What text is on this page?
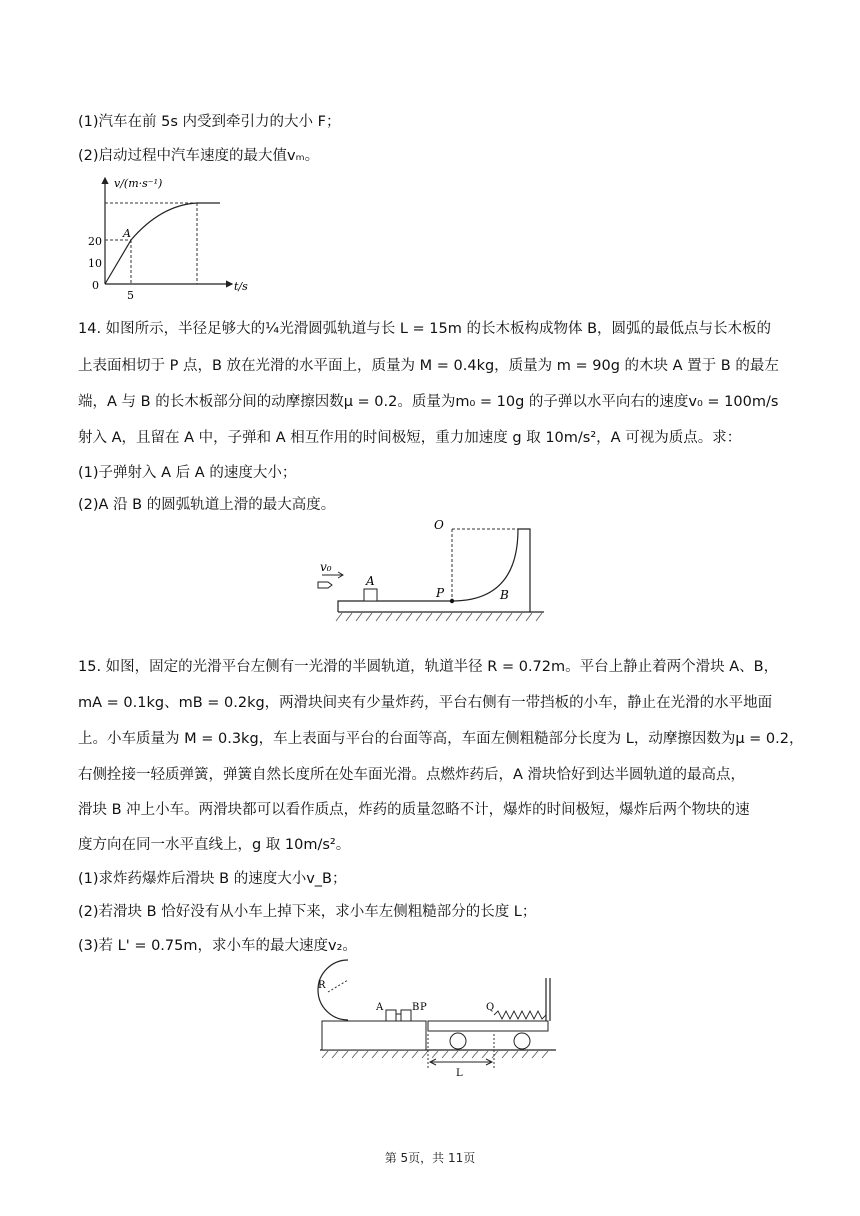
(1)汽车在前 5s 内受到牵引力的大小 F；
(2)启动过程中汽车速度的最大值vₘ。
v/(m·s⁻¹)
t/s
20
10
0
5
A
14. 如图所示，半径足够大的¼光滑圆弧轨道与长 L = 15m 的长木板构成物体 B，圆弧的最低点与长木板的
上表面相切于 P 点，B 放在光滑的水平面上，质量为 M = 0.4kg，质量为 m = 90g 的木块 A 置于 B 的最左
端，A 与 B 的长木板部分间的动摩擦因数μ = 0.2。质量为m₀ = 10g 的子弹以水平向右的速度v₀ = 100m/s
射入 A，且留在 A 中，子弹和 A 相互作用的时间极短，重力加速度 g 取 10m/s²，A 可视为质点。求：
(1)子弹射入 A 后 A 的速度大小；
(2)A 沿 B 的圆弧轨道上滑的最大高度。
v₀
A
P	B
O
15. 如图，固定的光滑平台左侧有一光滑的半圆轨道，轨道半径 R = 0.72m。平台上静止着两个滑块 A、B，
mA = 0.1kg、mB = 0.2kg，两滑块间夹有少量炸药，平台右侧有一带挡板的小车，静止在光滑的水平地面
上。小车质量为 M = 0.3kg，车上表面与平台的台面等高，车面左侧粗糙部分长度为 L，动摩擦因数为μ = 0.2，
右侧拴接一轻质弹簧，弹簧自然长度所在处车面光滑。点燃炸药后，A 滑块恰好到达半圆轨道的最高点，
滑块 B 冲上小车。两滑块都可以看作质点，炸药的质量忽略不计，爆炸的时间极短，爆炸后两个物块的速
度方向在同一水平直线上，g 取 10m/s²。
(1)求炸药爆炸后滑块 B 的速度大小v_B；
(2)若滑块 B 恰好没有从小车上掉下来，求小车左侧粗糙部分的长度 L；
(3)若 L' = 0.75m，求小车的最大速度v₂。
R
A	B P	Q
L
第 5页，共 11页
